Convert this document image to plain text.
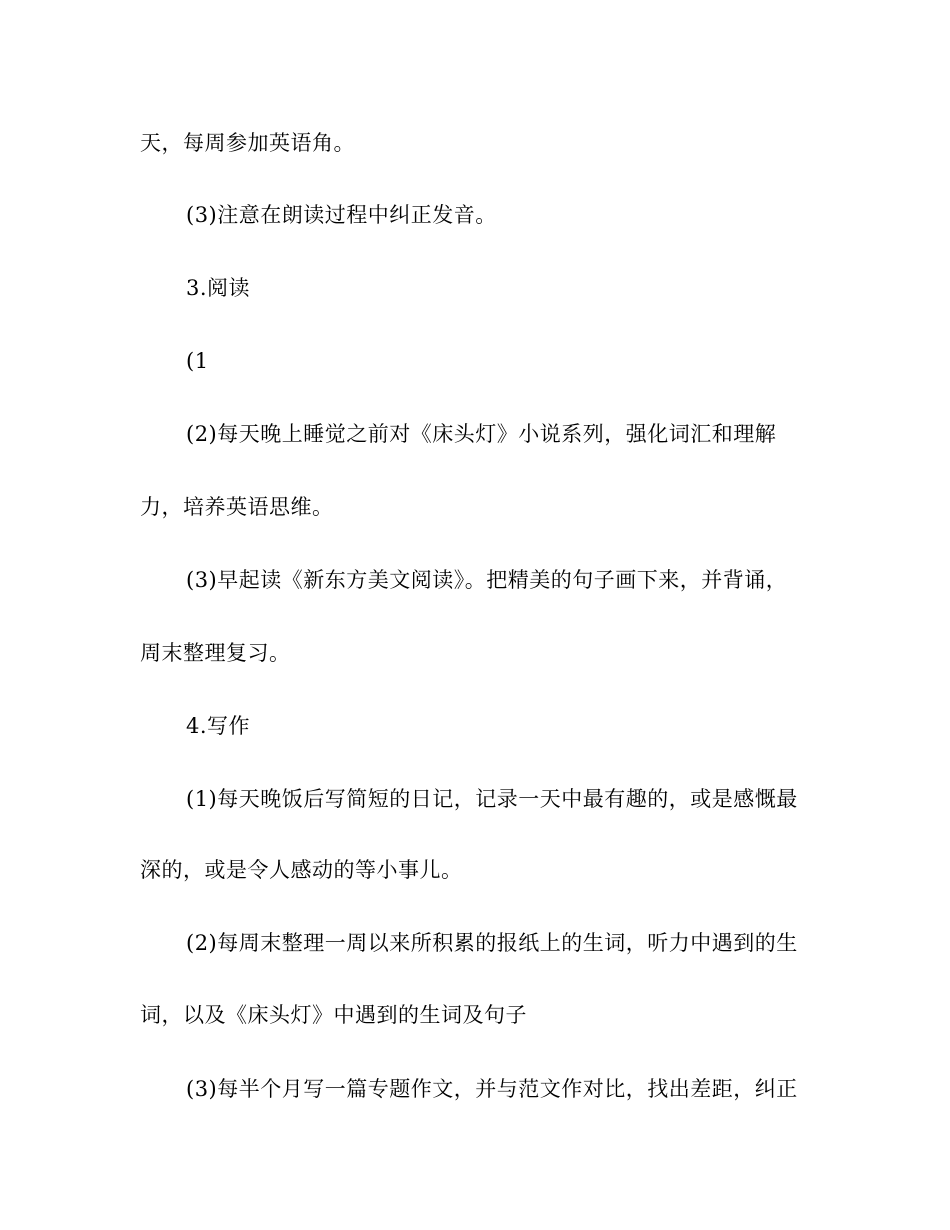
天，每周参加英语角。
(3)注意在朗读过程中纠正发音。
3.阅读
(1
(2)每天晚上睡觉之前对《床头灯》小说系列，强化词汇和理解
力，培养英语思维。
(3)早起读《新东方美文阅读》。把精美的句子画下来，并背诵，
周末整理复习。
4.写作
(1)每天晚饭后写简短的日记，记录一天中最有趣的，或是感慨最
深的，或是令人感动的等小事儿。
(2)每周末整理一周以来所积累的报纸上的生词，听力中遇到的生
词，以及《床头灯》中遇到的生词及句子
(3)每半个月写一篇专题作文，并与范文作对比，找出差距，纠正
